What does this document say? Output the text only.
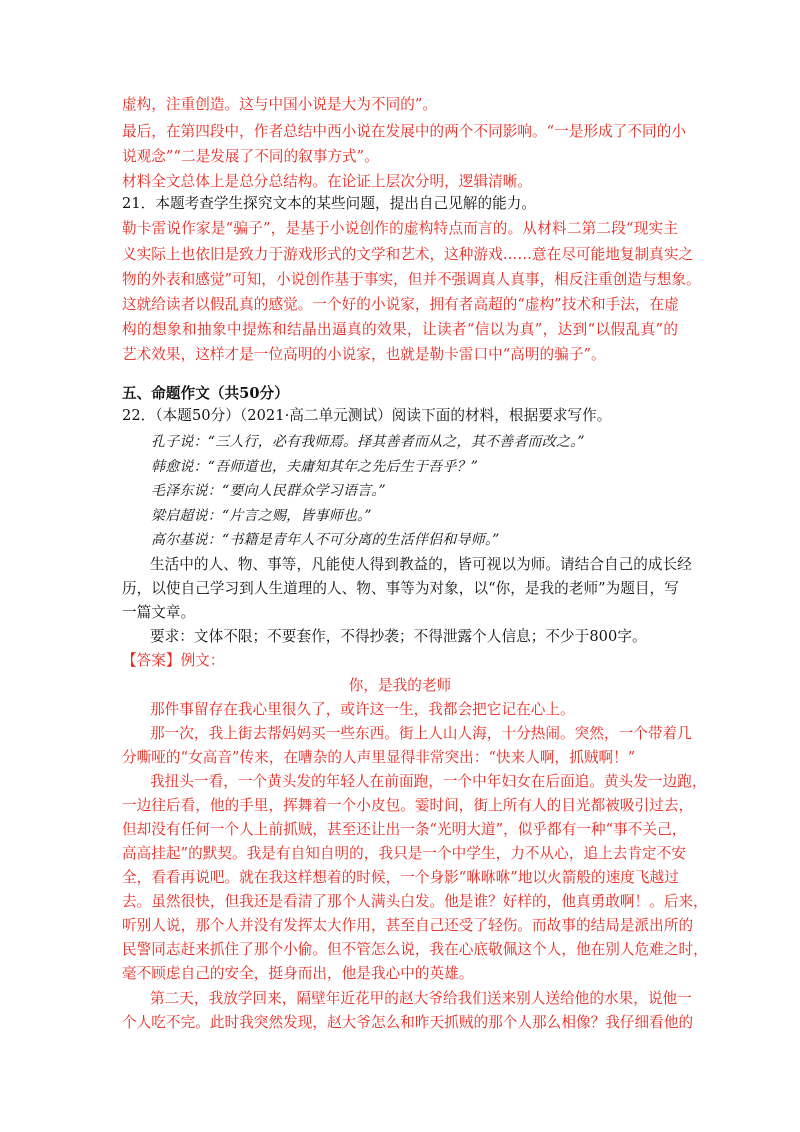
虚构，注重创造。这与中国小说是大为不同的”。
最后，在第四段中，作者总结中西小说在发展中的两个不同影响。“一是形成了不同的小
说观念”“二是发展了不同的叙事方式”。
材料全文总体上是总分总结构。在论证上层次分明，逻辑清晰。
21．本题考查学生探究文本的某些问题，提出自己见解的能力。
勒卡雷说作家是“骗子”，是基于小说创作的虚构特点而言的。从材料二第二段“现实主
义实际上也依旧是致力于游戏形式的文学和艺术，这种游戏……意在尽可能地复制真实之
物的外表和感觉”可知，小说创作基于事实，但并不强调真人真事，相反注重创造与想象。
这就给读者以假乱真的感觉。一个好的小说家，拥有者高超的“虚构”技术和手法，在虚
构的想象和抽象中提炼和结晶出逼真的效果，让读者“信以为真”，达到“以假乱真”的
艺术效果，这样才是一位高明的小说家，也就是勒卡雷口中“高明的骗子”。
五、命题作文（共50分）
22．（本题50分）（2021·高二单元测试）阅读下面的材料，根据要求写作。
孔子说：“三人行，必有我师焉。择其善者而从之，其不善者而改之。”
韩愈说：“吾师道也，夫庸知其年之先后生于吾乎？”
毛泽东说：“要向人民群众学习语言。”
梁启超说：“片言之赐，皆事师也。”
高尔基说：“书籍是青年人不可分离的生活伴侣和导师。”
生活中的人、物、事等，凡能使人得到教益的，皆可视以为师。请结合自己的成长经
历，以使自己学习到人生道理的人、物、事等为对象，以“你，是我的老师”为题目，写
一篇文章。
要求：文体不限；不要套作，不得抄袭；不得泄露个人信息；不少于800字。
【答案】例文：
你，是我的老师
那件事留存在我心里很久了，或许这一生，我都会把它记在心上。
那一次，我上街去帮妈妈买一些东西。街上人山人海，十分热闹。突然，一个带着几
分嘶哑的“女高音”传来，在嘈杂的人声里显得非常突出：“快来人啊，抓贼啊！”
我扭头一看，一个黄头发的年轻人在前面跑，一个中年妇女在后面追。黄头发一边跑，
一边往后看，他的手里，挥舞着一个小皮包。霎时间，街上所有人的目光都被吸引过去，
但却没有任何一个人上前抓贼，甚至还让出一条“光明大道”，似乎都有一种“事不关己，
高高挂起”的默契。我是有自知自明的，我只是一个中学生，力不从心，追上去肯定不安
全，看看再说吧。就在我这样想着的时候，一个身影“咻咻咻”地以火箭般的速度飞越过
去。虽然很快，但我还是看清了那个人满头白发。他是谁？好样的，他真勇敢啊！。后来，
听别人说，那个人并没有发挥太大作用，甚至自己还受了轻伤。而故事的结局是派出所的
民警同志赶来抓住了那个小偷。但不管怎么说，我在心底敬佩这个人，他在别人危难之时，
毫不顾虑自己的安全，挺身而出，他是我心中的英雄。
第二天，我放学回来，隔壁年近花甲的赵大爷给我们送来别人送给他的水果，说他一
个人吃不完。此时我突然发现，赵大爷怎么和昨天抓贼的那个人那么相像？我仔细看他的
